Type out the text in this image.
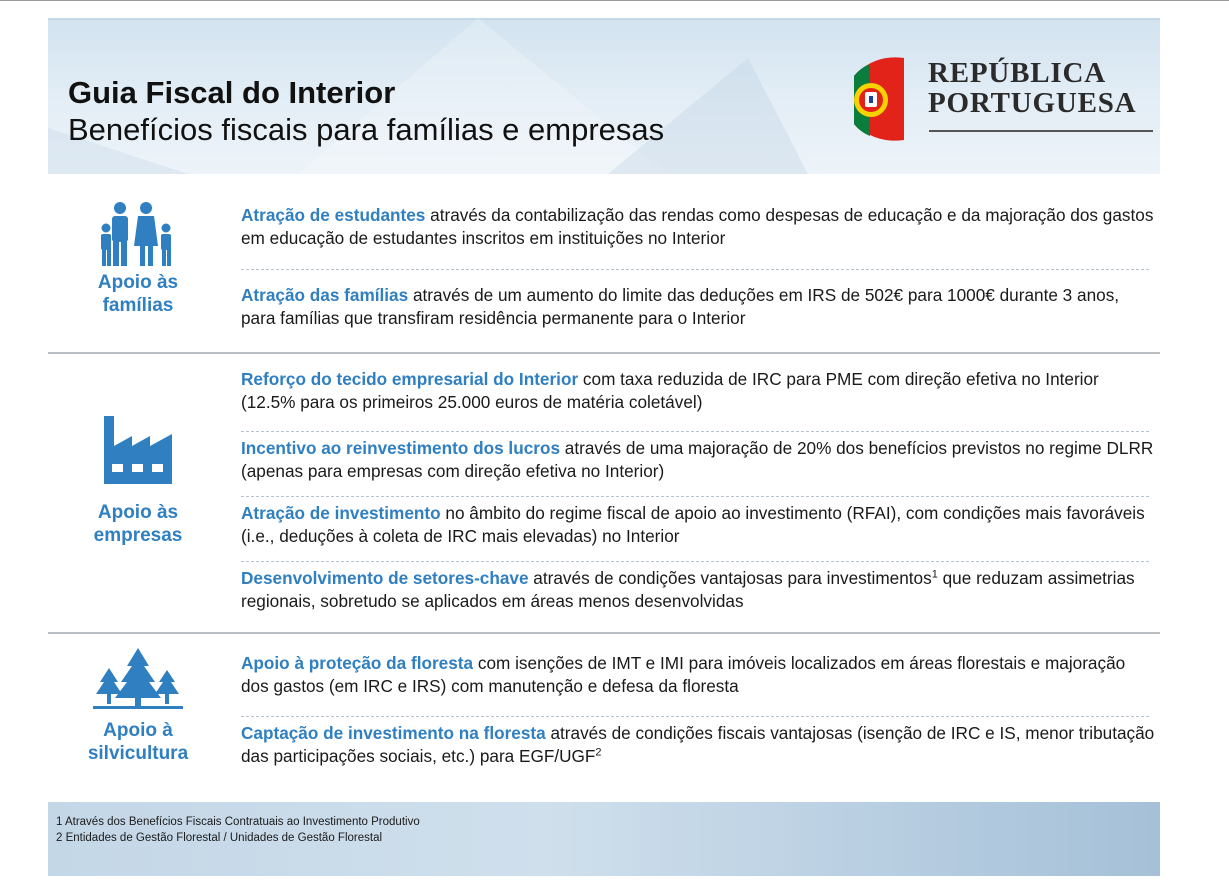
Guia Fiscal do Interior
Benefícios fiscais para famílias e empresas
REPÚBLICA
PORTUGUESA
Apoio às
famílias
Atração de estudantes através da contabilização das rendas como despesas de educação e da majoração dos gastos em educação de estudantes inscritos em instituições no Interior
Atração das famílias através de um aumento do limite das deduções em IRS de 502€ para 1000€ durante 3 anos, para famílias que transfiram residência permanente para o Interior
Apoio às
empresas
Reforço do tecido empresarial do Interior com taxa reduzida de IRC para PME com direção efetiva no Interior (12.5% para os primeiros 25.000 euros de matéria coletável)
Incentivo ao reinvestimento dos lucros através de uma majoração de 20% dos benefícios previstos no regime DLRR (apenas para empresas com direção efetiva no Interior)
Atração de investimento no âmbito do regime fiscal de apoio ao investimento (RFAI), com condições mais favoráveis (i.e., deduções à coleta de IRC mais elevadas) no Interior
Desenvolvimento de setores-chave através de condições vantajosas para investimentos$^1$ que reduzam assimetrias regionais, sobretudo se aplicados em áreas menos desenvolvidas
Apoio à
silvicultura
Apoio à proteção da floresta com isenções de IMT e IMI para imóveis localizados em áreas florestais e majoração dos gastos (em IRC e IRS) com manutenção e defesa da floresta
Captação de investimento na floresta através de condições fiscais vantajosas (isenção de IRC e IS, menor tributação das participações sociais, etc.) para EGF/UGF$^2$
1 Através dos Benefícios Fiscais Contratuais ao Investimento Produtivo
2 Entidades de Gestão Florestal / Unidades de Gestão Florestal
